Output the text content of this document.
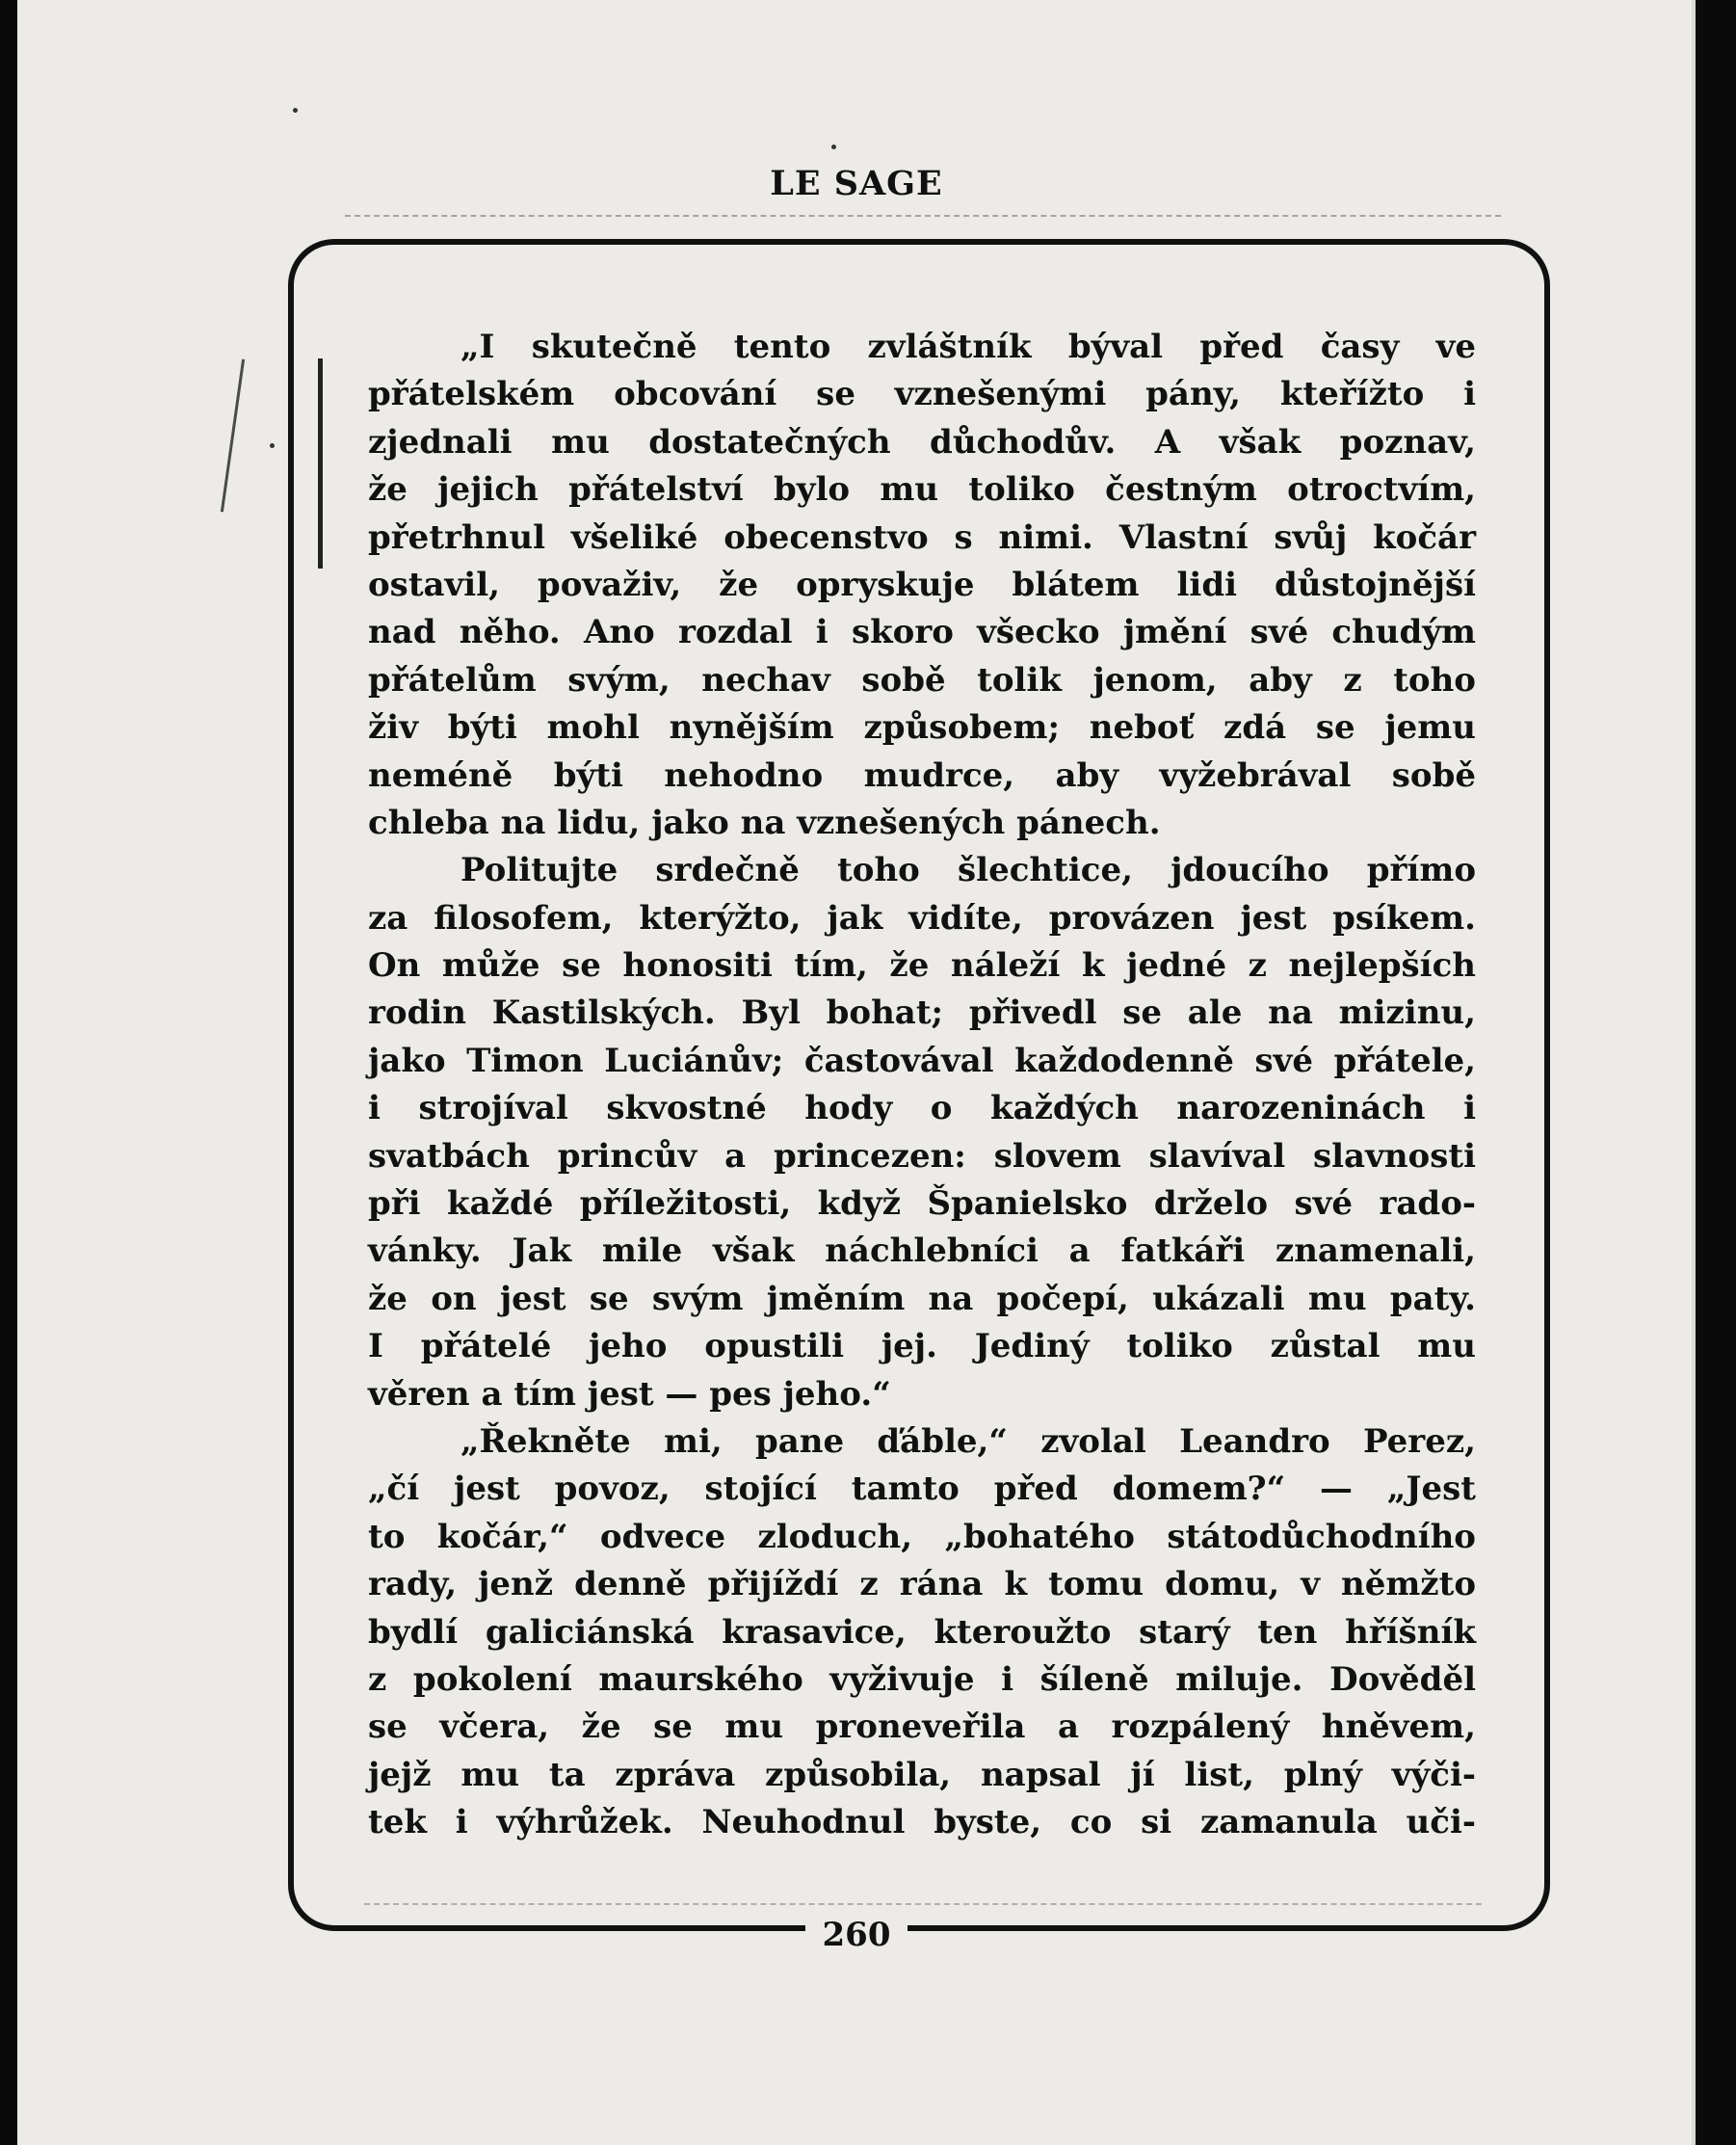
LE SAGE
„I skutečně tento zvláštník býval před časy ve
přátelském obcování se vznešenými pány, kteřížto i
zjednali mu dostatečných důchodův. A však poznav,
že jejich přátelství bylo mu toliko čestným otroctvím,
přetrhnul všeliké obecenstvo s nimi. Vlastní svůj kočár
ostavil, považiv, že opryskuje blátem lidi důstojnější
nad něho. Ano rozdal i skoro všecko jmění své chudým
přátelům svým, nechav sobě tolik jenom, aby z toho
živ býti mohl nynějším způsobem; neboť zdá se jemu
neméně býti nehodno mudrce, aby vyžebrával sobě
chleba na lidu, jako na vznešených pánech.
Politujte srdečně toho šlechtice, jdoucího přímo
za filosofem, kterýžto, jak vidíte, provázen jest psíkem.
On může se honositi tím, že náleží k jedné z nejlepších
rodin Kastilských. Byl bohat; přivedl se ale na mizinu,
jako Timon Luciánův; častovával každodenně své přátele,
i strojíval skvostné hody o každých narozeninách i
svatbách princův a princezen: slovem slavíval slavnosti
při každé příležitosti, když Španielsko drželo své rado-
vánky. Jak mile však náchlebníci a fatkáři znamenali,
že on jest se svým jměním na počepí, ukázali mu paty.
I přátelé jeho opustili jej. Jediný toliko zůstal mu
věren a tím jest — pes jeho.“
„Řekněte mi, pane ďáble,“ zvolal Leandro Perez,
„čí jest povoz, stojící tamto před domem?“ — „Jest
to kočár,“ odvece zloduch, „bohatého státodůchodního
rady, jenž denně přijíždí z rána k tomu domu, v němžto
bydlí galiciánská krasavice, kteroužto starý ten hříšník
z pokolení maurského vyživuje i šíleně miluje. Dověděl
se včera, že se mu proneveřila a rozpálený hněvem,
jejž mu ta zpráva způsobila, napsal jí list, plný výči-
tek i výhrůžek. Neuhodnul byste, co si zamanula uči-
260
